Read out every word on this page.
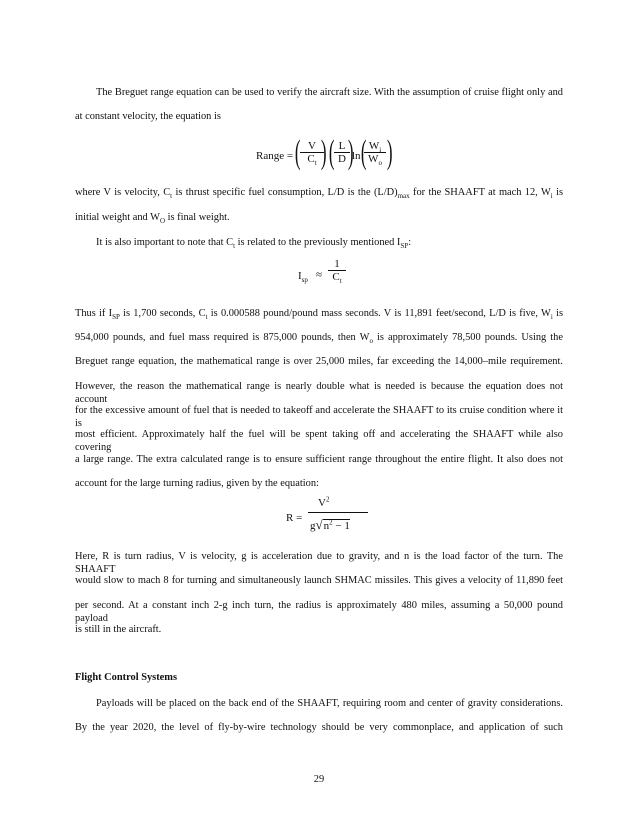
The Breguet range equation can be used to verify the aircraft size. With the assumption of cruise flight only and
at constant velocity, the equation is
Range = ( $\frac{V}{C_t}$
) ( $\frac{L}{D}$
)
ln (
$\frac{W_i}{W_o}$ )
where V is velocity, $C_t$ is thrust specific fuel consumption, L/D is the $(L/D)_{max}$ for the SHAAFT at mach 12, $W_i$ is
initial weight and $W_O$ is final weight.
It is also important to note that $C_t$ is related to the previously mentioned $I_{SP}$:
$I_{sp} \approx \frac{1}{C_t}$
Thus if $I_{SP}$ is 1,700 seconds, $C_t$ is 0.000588 pound/pound mass seconds. V is 11,891 feet/second, L/D is five, $W_i$ is
954,000 pounds, and fuel mass required is 875,000 pounds, then $W_o$ is approximately 78,500 pounds. Using the
Breguet range equation, the mathematical range is over 25,000 miles, far exceeding the 14,000–mile requirement.
However, the reason the mathematical range is nearly double what is needed is because the equation does not account
for the excessive amount of fuel that is needed to takeoff and accelerate the SHAAFT to its cruise condition where it is
most efficient. Approximately half the fuel will be spent taking off and accelerating the SHAAFT while also covering
a large range. The extra calculated range is to ensure sufficient range throughout the entire flight. It also does not
account for the large turning radius, given by the equation:
R =
$V^2$
$g√n^2 - 1$
Here, R is turn radius, V is velocity, g is acceleration due to gravity, and n is the load factor of the turn. The SHAAFT
would slow to mach 8 for turning and simultaneously launch SHMAC missiles. This gives a velocity of 11,890 feet
per second. At a constant inch 2-g inch turn, the radius is approximately 480 miles, assuming a 50,000 pound payload
is still in the aircraft.
Flight Control Systems
Payloads will be placed on the back end of the SHAAFT, requiring room and center of gravity considerations.
By the year 2020, the level of fly-by-wire technology should be very commonplace, and application of such
29
